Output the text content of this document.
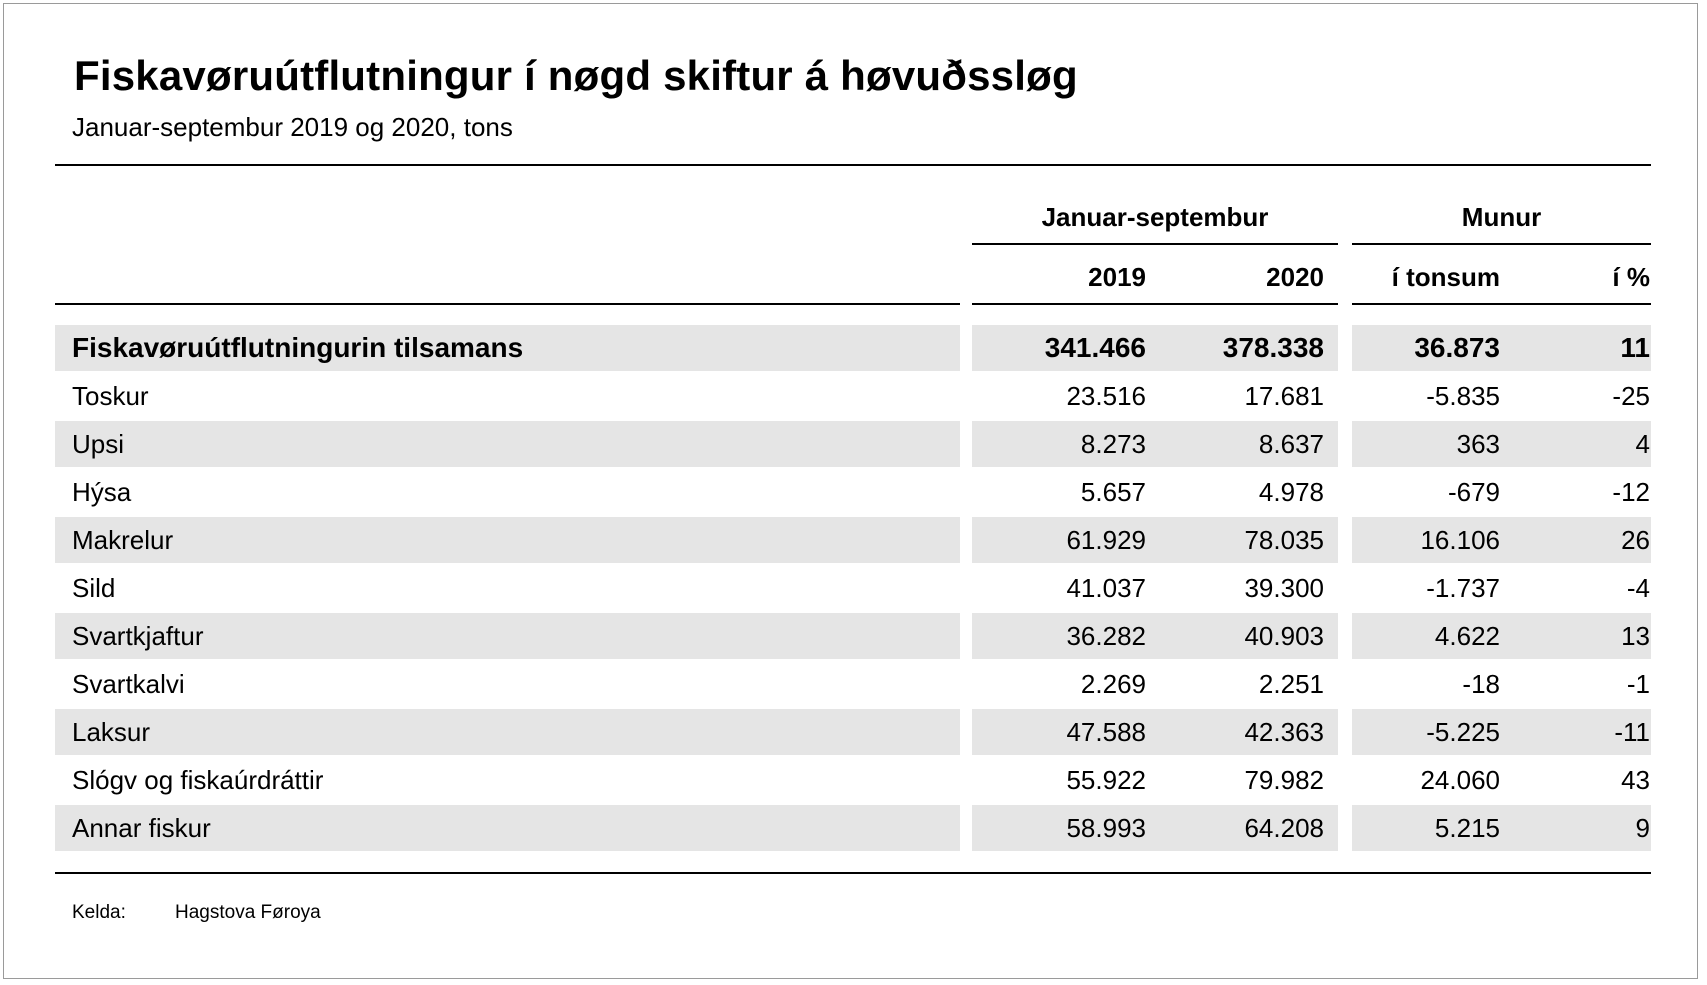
Fiskavøruútflutningur í nøgd skiftur á høvuðssløg
Januar-septembur 2019 og 2020, tons
Januar-septembur	Munur
2019	2020	í tonsum	í %
Fiskavøruútflutningurin tilsamans	341.466	378.338	36.873	11
Toskur	23.516	17.681	-5.835	-25
Upsi	8.273	8.637	363	4
Hýsa	5.657	4.978	-679	-12
Makrelur	61.929	78.035	16.106	26
Sild	41.037	39.300	-1.737	-4
Svartkjaftur	36.282	40.903	4.622	13
Svartkalvi	2.269	2.251	-18	-1
Laksur	47.588	42.363	-5.225	-11
Slógv og fiskaúrdráttir	55.922	79.982	24.060	43
Annar fiskur	58.993	64.208	5.215	9
Kelda:	Hagstova Føroya
